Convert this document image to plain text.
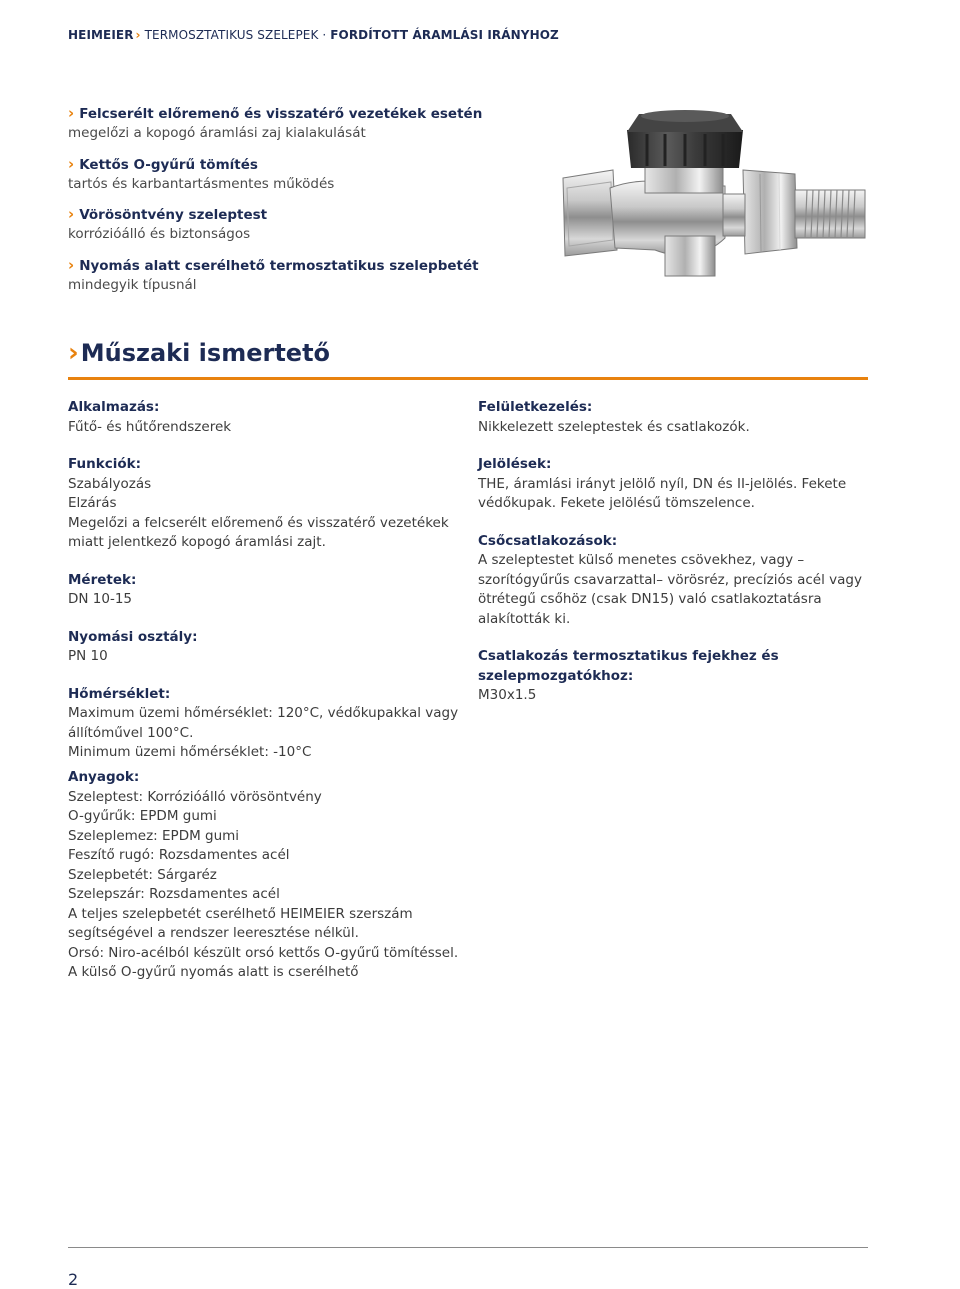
HEIMEIER › TERMOSZTATIKUS SZELEPEK · FORDÍTOTT ÁRAMLÁSI IRÁNYHOZ
› Felcserélt előremenő és visszatérő vezetékek esetén
megelőzi a kopogó áramlási zaj kialakulását
› Kettős O-gyűrű tömítés
tartós és karbantartásmentes működés
› Vörösöntvény szeleptest
korrózióálló és biztonságos
› Nyomás alatt cserélhető termosztatikus szelepbetét
mindegyik típusnál
›Műszaki ismertető
Alkalmazás:
Fűtő- és hűtőrendszerek
Funkciók:
Szabályozás
Elzárás
Megelőzi a felcserélt előremenő és visszatérő vezetékek miatt jelentkező kopogó áramlási zajt.
Méretek:
DN 10-15
Nyomási osztály:
PN 10
Hőmérséklet:
Maximum üzemi hőmérséklet: 120°C, védőkupakkal vagy állítóművel 100°C.
Minimum üzemi hőmérséklet: -10°C
Felületkezelés:
Nikkelezett szeleptestek és csatlakozók.
Jelölések:
THE, áramlási irányt jelölő nyíl, DN és II-jelölés. Fekete védőkupak. Fekete jelölésű tömszelence.
Csőcsatlakozások:
A szeleptestet külső menetes csövekhez, vagy – szorítógyűrűs csavarzattal– vörösréz, precíziós acél vagy ötrétegű csőhöz (csak DN15) való csatlakoztatásra alakították ki.
Csatlakozás termosztatikus fejekhez és szelepmozgatókhoz:
M30x1.5
Anyagok:
Szeleptest: Korrózióálló vörösöntvény
O-gyűrűk: EPDM gumi
Szeleplemez: EPDM gumi
Feszítő rugó: Rozsdamentes acél
Szelepbetét: Sárgaréz
Szelepszár: Rozsdamentes acél
A teljes szelepbetét cserélhető HEIMEIER szerszám segítségével a rendszer leeresztése nélkül.
Orsó: Niro-acélból készült orsó kettős O-gyűrű tömítéssel.
A külső O-gyűrű nyomás alatt is cserélhető
2
